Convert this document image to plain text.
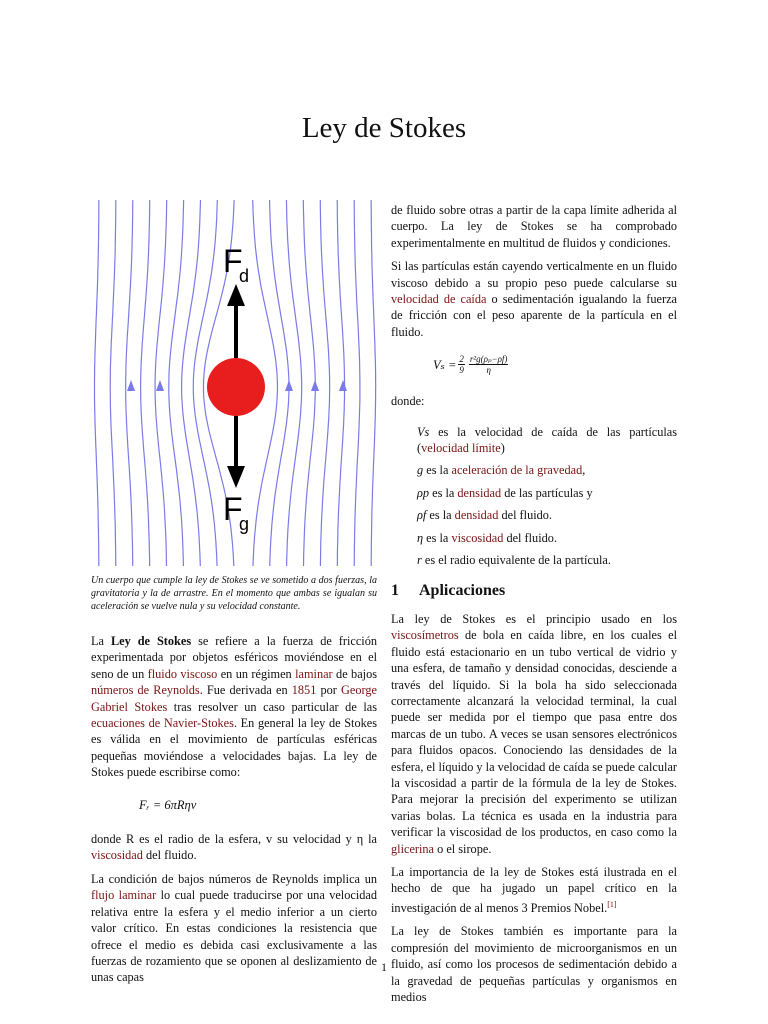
Ley de Stokes
F
d
F
g
Un cuerpo que cumple la ley de Stokes se ve sometido a dos fuerzas, la gravitatoria y la de arrastre. En el momento que ambas se igualan su aceleración se vuelve nula y su velocidad constante.

La Ley de Stokes se refiere a la fuerza de fricción experimentada por objetos esféricos moviéndose en el seno de un fluido viscoso en un régimen laminar de bajos números de Reynolds. Fue derivada en 1851 por George Gabriel Stokes tras resolver un caso particular de las ecuaciones de Navier-Stokes. En general la ley de Stokes es válida en el movimiento de partículas esféricas pequeñas moviéndose a velocidades bajas. La ley de Stokes puede escribirse como:

Fᵣ = 6πRηv

donde R es el radio de la esfera, v su velocidad y η la viscosidad del fluido.

La condición de bajos números de Reynolds implica un flujo laminar lo cual puede traducirse por una velocidad relativa entre la esfera y el medio inferior a un cierto valor crítico. En estas condiciones la resistencia que ofrece el medio es debida casi exclusivamente a las fuerzas de rozamiento que se oponen al deslizamiento de unas capas

de fluido sobre otras a partir de la capa límite adherida al cuerpo. La ley de Stokes se ha comprobado experimentalmente en multitud de fluidos y condiciones.

Si las partículas están cayendo verticalmente en un fluido viscoso debido a su propio peso puede calcularse su velocidad de caída o sedimentación igualando la fuerza de fricción con el peso aparente de la partícula en el fluido.

$V_s = \frac{2}{9} \frac{\text{r²g(ρₚ−ρf)}}{\eta}$

donde:

Vs es la velocidad de caída de las partículas (velocidad límite)
g es la aceleración de la gravedad,
ρp es la densidad de las partículas y
ρf es la densidad del fluido.
η es la viscosidad del fluido.
r es el radio equivalente de la partícula.
1 Aplicaciones

La ley de Stokes es el principio usado en los viscosímetros de bola en caída libre, en los cuales el fluido está estacionario en un tubo vertical de vidrio y una esfera, de tamaño y densidad conocidas, desciende a través del líquido. Si la bola ha sido seleccionada correctamente alcanzará la velocidad terminal, la cual puede ser medida por el tiempo que pasa entre dos marcas de un tubo. A veces se usan sensores electrónicos para fluidos opacos. Conociendo las densidades de la esfera, el líquido y la velocidad de caída se puede calcular la viscosidad a partir de la fórmula de la ley de Stokes. Para mejorar la precisión del experimento se utilizan varias bolas. La técnica es usada en la industria para verificar la viscosidad de los productos, en caso como la glicerina o el sirope.

La importancia de la ley de Stokes está ilustrada en el hecho de que ha jugado un papel crítico en la investigación de al menos 3 Premios Nobel.[1]

La ley de Stokes también es importante para la compresión del movimiento de microorganismos en un fluido, así como los procesos de sedimentación debido a la gravedad de pequeñas partículas y organismos en medios

1
